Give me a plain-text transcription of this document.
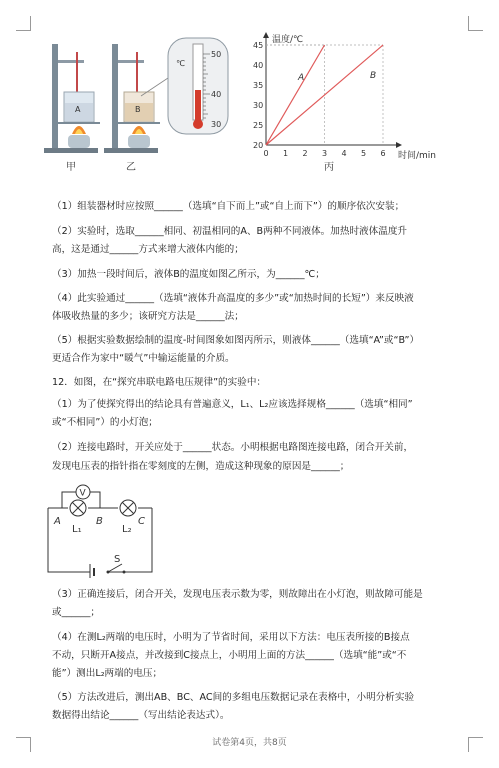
A
甲
B
乙
℃
50
40
30
45
40
35
30
25
20
0 1 2 3 4 5 6
温度/℃
时间/min
A	B
丙
（1）组装器材时应按照______（选填“自下而上”或“自上而下”）的顺序依次安装；
（2）实验时，选取______相同、初温相同的A、B两种不同液体。加热时液体温度升
高，这是通过______方式来增大液体内能的；
（3）加热一段时间后，液体B的温度如图乙所示，为______℃；
（4）此实验通过______（选填“液体升高温度的多少”或“加热时间的长短”）来反映液
体吸收热量的多少；该研究方法是______法；
（5）根据实验数据绘制的温度-时间图象如图丙所示，则液体______（选填“A”或“B”）
更适合作为家中“暖气”中输运能量的介质。
12．如图，在“探究串联电路电压规律”的实验中：
（1）为了使探究得出的结论具有普遍意义，L₁、L₂应该选择规格______（选填“相同”
或“不相同”）的小灯泡；
（2）连接电路时，开关应处于______状态。小明根据电路图连接电路，闭合开关前，
发现电压表的指针指在零刻度的左侧，造成这种现象的原因是______；
V
A	B	C
L₁	L₂
S
（3）正确连接后，闭合开关，发现电压表示数为零，则故障出在小灯泡，则故障可能是
或______；
（4）在测L₂两端的电压时，小明为了节省时间，采用以下方法：电压表所接的B接点
不动，只断开A接点，并改接到C接点上，小明用上面的方法______（选填“能”或“不
能”）测出L₂两端的电压；
（5）方法改进后，测出AB、BC、AC间的多组电压数据记录在表格中，小明分析实验
数据得出结论______（写出结论表达式）。
试卷第4页，共8页
